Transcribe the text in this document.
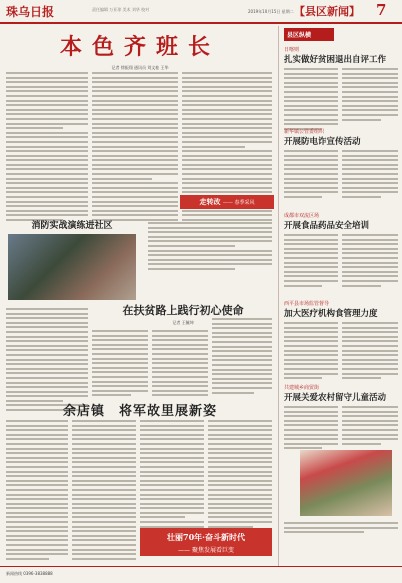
珠乌日报	责任编辑 万亚琼 美术 刘华 校对	2019年10月15日 星期二 【县区新闻】 7
本色齐班长
记者 徐振翔 通讯员 刘文桂 王华
走转改 —— 春季采风
消防实战演练进社区
在扶贫路上践行初心使命
记者 王毓坤
余店镇　将军故里展新姿
壮丽70年·奋斗新时代
—— 聚焦发展看巨变
县区纵横
日喀则
扎实做好贫困退出自评工作
新华镇公管委组织
开展防电诈宣传活动
成都市双流区场
开展食品药品安全培训
西平县市场监管督导
加大医疗机构食管理力度
共建城乡商贸街
开展关爱农村留守儿童活动
新闻热线 0396-3838888
